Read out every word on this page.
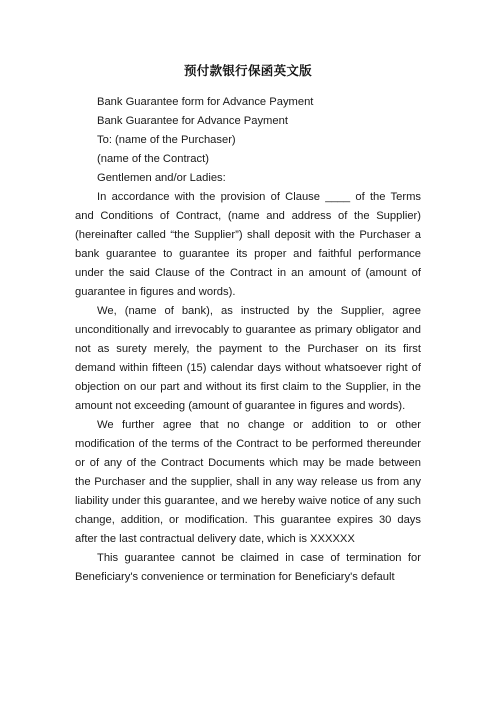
预付款银行保函英文版

Bank Guarantee form for Advance Payment

Bank Guarantee for Advance Payment

To: (name of the Purchaser)

(name of the Contract)

Gentlemen and/or Ladies:

In accordance with the provision of Clause ____ of the Terms and Conditions of Contract, (name and address of the Supplier) (hereinafter called “the Supplier”) shall deposit with the Purchaser a bank guarantee to guarantee its proper and faithful performance under the said Clause of the Contract in an amount of (amount of guarantee in figures and words).

We, (name of bank), as instructed by the Supplier, agree unconditionally and irrevocably to guarantee as primary obligator and not as surety merely, the payment to the Purchaser on its first demand within fifteen (15) calendar days without whatsoever right of objection on our part and without its first claim to the Supplier, in the amount not exceeding (amount of guarantee in figures and words).

We further agree that no change or addition to or other modification of the terms of the Contract to be performed thereunder or of any of the Contract Documents which may be made between the Purchaser and the supplier, shall in any way release us from any liability under this guarantee, and we hereby waive notice of any such change, addition, or modification. This guarantee expires 30 days after the last contractual delivery date, which is XXXXXX

This guarantee cannot be claimed in case of termination for Beneficiary's convenience or termination for Beneficiary's default
